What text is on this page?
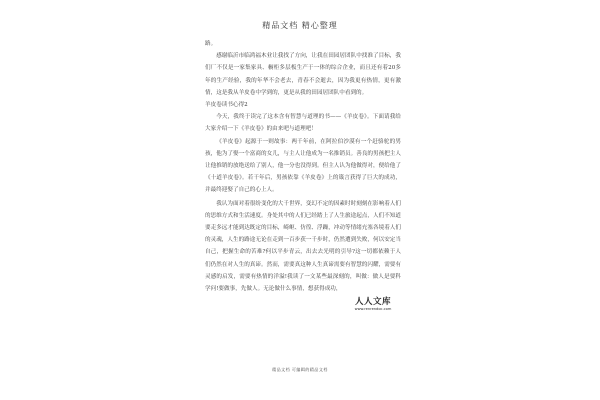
精品文档 精心整理

路。

感谢临沂市临鸿福木业让我找了方向，让我在田园居团队中找准了目标，我们厂不仅是一家集家具、橱柜多层板生产于一体的综合企业，而且还有着20多年的生产经验，我的年华不会老去，青春不会逝去，因为我更有热情，更有激情，这是我从羊皮卷中学到的，更是从我的田园居团队中看到的。

羊皮卷读书心得2

今天，我终于读完了这本含有智慧与道理的书——《羊皮卷》。下面请我给大家介绍一下《羊皮卷》的由来吧与道理吧！

《羊皮卷》起源于一则故事：两千年前，在阿拉伯沙漠有一个赶骆驼的男孩，他为了娶一个富商的女儿，与主人让他成为一名推销员。善良的男孩把主人让他推销的放绝送给了别人，他一分也没得到。但主人认为他做得对，便给他了《十道羊皮卷》。若干年后，男孩依靠《羊皮卷》上的箴言获得了巨大的成功，并最终迎娶了自己的心上人。

我认为面对着很纷变化的大千世界，变幻不定的因素时时刻刻在影响着人们的思维方式和生活速度。身处其中的人们已经踏上了人生旅途起点，人们不知道要走多远才能到达既定的目标，崎岖、仿徨、浮躁，冲动等情绪充塞各境着人们的灵魂，人生的路途无论在走到一百步获一千步时，仍然遭到失败，何以安定当自己，把握生命的苦难?何以平步青云，出去去光明的引导?这一切都依赖于人们仍然在对人生的真谛。然而，需要真这种人生真谛需要有智慧的闪耀，需要有灵感的启发，需要有热情的洋溢!我读了一文某些最深刻的，叫做：做人是要科学问!要做事，先做人。无论做什么事情，想获得成功，

人人文库
www.renrendoc.com
精品文档 可编辑的精品文档
